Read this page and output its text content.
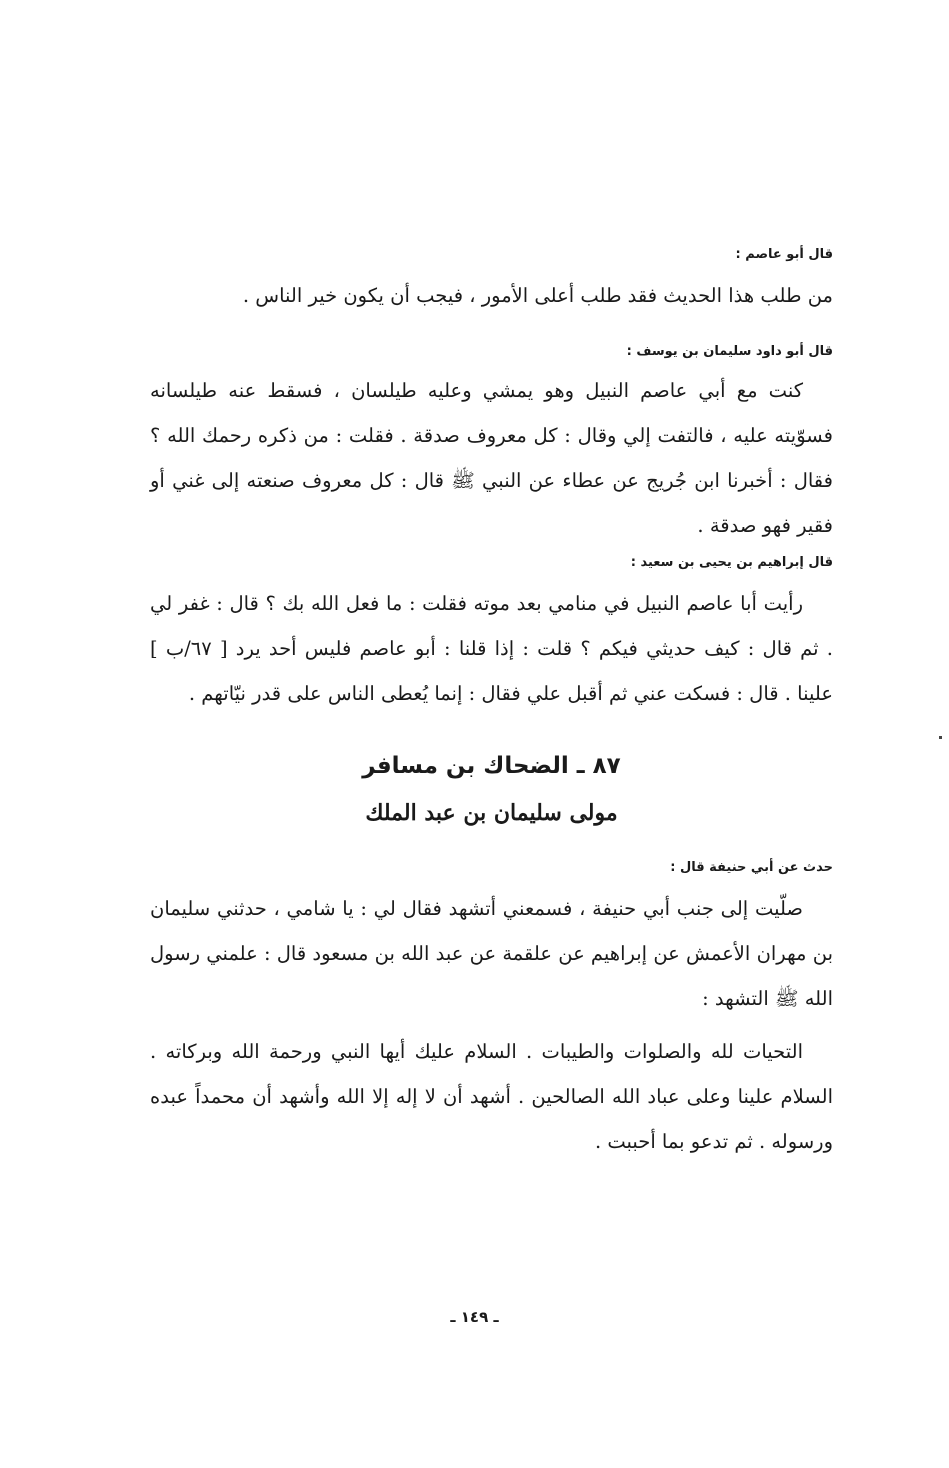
قال أبو عاصم :

من طلب هذا الحديث فقد طلب أعلى الأمور ، فيجب أن يكون خير الناس .

قال أبو داود سليمان بن يوسف :

كنت مع أبي عاصم النبيل وهو يمشي وعليه طيلسان ، فسقط عنه طيلسانه فسوّيته عليه ، فالتفت إلي وقال : كل معروف صدقة . فقلت : من ذكره رحمك الله ؟ فقال : أخبرنا ابن جُريج عن عطاء عن النبي ﷺ قال : كل معروف صنعته إلى غني أو فقير فهو صدقة .

قال إبراهيم بن يحيى بن سعيد :

رأيت أبا عاصم النبيل في منامي بعد موته فقلت : ما فعل الله بك ؟ قال : غفر لي . ثم قال : كيف حديثي فيكم ؟ قلت : إذا قلنا : أبو عاصم فليس أحد يرد [ ٦٧/ب ] علينا . قال : فسكت عني ثم أقبل علي فقال : إنما يُعطى الناس على قدر نيّاتهم .

٨٧ ـ الضحاك بن مسافر
مولى سليمان بن عبد الملك

حدث عن أبي حنيفة قال :

صلّيت إلى جنب أبي حنيفة ، فسمعني أتشهد فقال لي : يا شامي ، حدثني سليمان بن مهران الأعمش عن إبراهيم عن علقمة عن عبد الله بن مسعود قال : علمني رسول الله ﷺ التشهد :

التحيات لله والصلوات والطيبات . السلام عليك أيها النبي ورحمة الله وبركاته . السلام علينا وعلى عباد الله الصالحين . أشهد أن لا إله إلا الله وأشهد أن محمداً عبده ورسوله . ثم تدعو بما أحببت .

ـ ١٤٩ ـ
